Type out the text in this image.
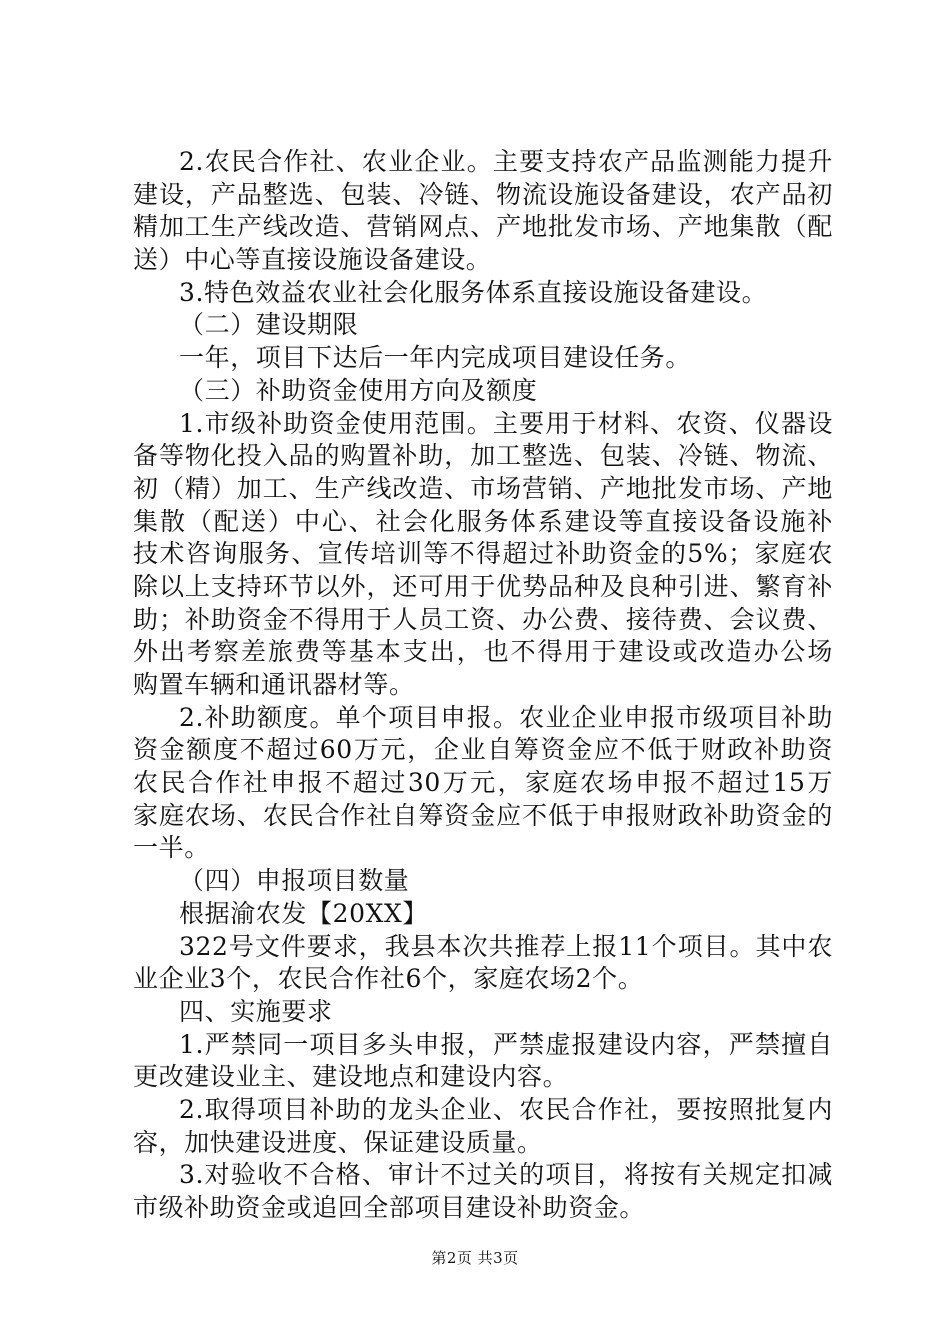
2.农民合作社、农业企业。主要支持农产品监测能力提升
建设，产品整选、包装、冷链、物流设施设备建设，农产品初
精加工生产线改造、营销网点、产地批发市场、产地集散（配
送）中心等直接设施设备建设。
3.特色效益农业社会化服务体系直接设施设备建设。
（二）建设期限
一年，项目下达后一年内完成项目建设任务。
（三）补助资金使用方向及额度
1.市级补助资金使用范围。主要用于材料、农资、仪器设
备等物化投入品的购置补助，加工整选、包装、冷链、物流、
初（精）加工、生产线改造、市场营销、产地批发市场、产地
集散（配送）中心、社会化服务体系建设等直接设备设施补
技术咨询服务、宣传培训等不得超过补助资金的5%；家庭农
除以上支持环节以外，还可用于优势品种及良种引进、繁育补
助；补助资金不得用于人员工资、办公费、接待费、会议费、
外出考察差旅费等基本支出，也不得用于建设或改造办公场
购置车辆和通讯器材等。
2.补助额度。单个项目申报。农业企业申报市级项目补助
资金额度不超过60万元，企业自筹资金应不低于财政补助资
农民合作社申报不超过30万元，家庭农场申报不超过15万
家庭农场、农民合作社自筹资金应不低于申报财政补助资金的
一半。
（四）申报项目数量
根据渝农发【20XX】
322号文件要求，我县本次共推荐上报11个项目。其中农
业企业3个，农民合作社6个，家庭农场2个。
四、实施要求
1.严禁同一项目多头申报，严禁虚报建设内容，严禁擅自
更改建设业主、建设地点和建设内容。
2.取得项目补助的龙头企业、农民合作社，要按照批复内
容，加快建设进度、保证建设质量。
3.对验收不合格、审计不过关的项目，将按有关规定扣减
市级补助资金或追回全部项目建设补助资金。
第2页 共3页
